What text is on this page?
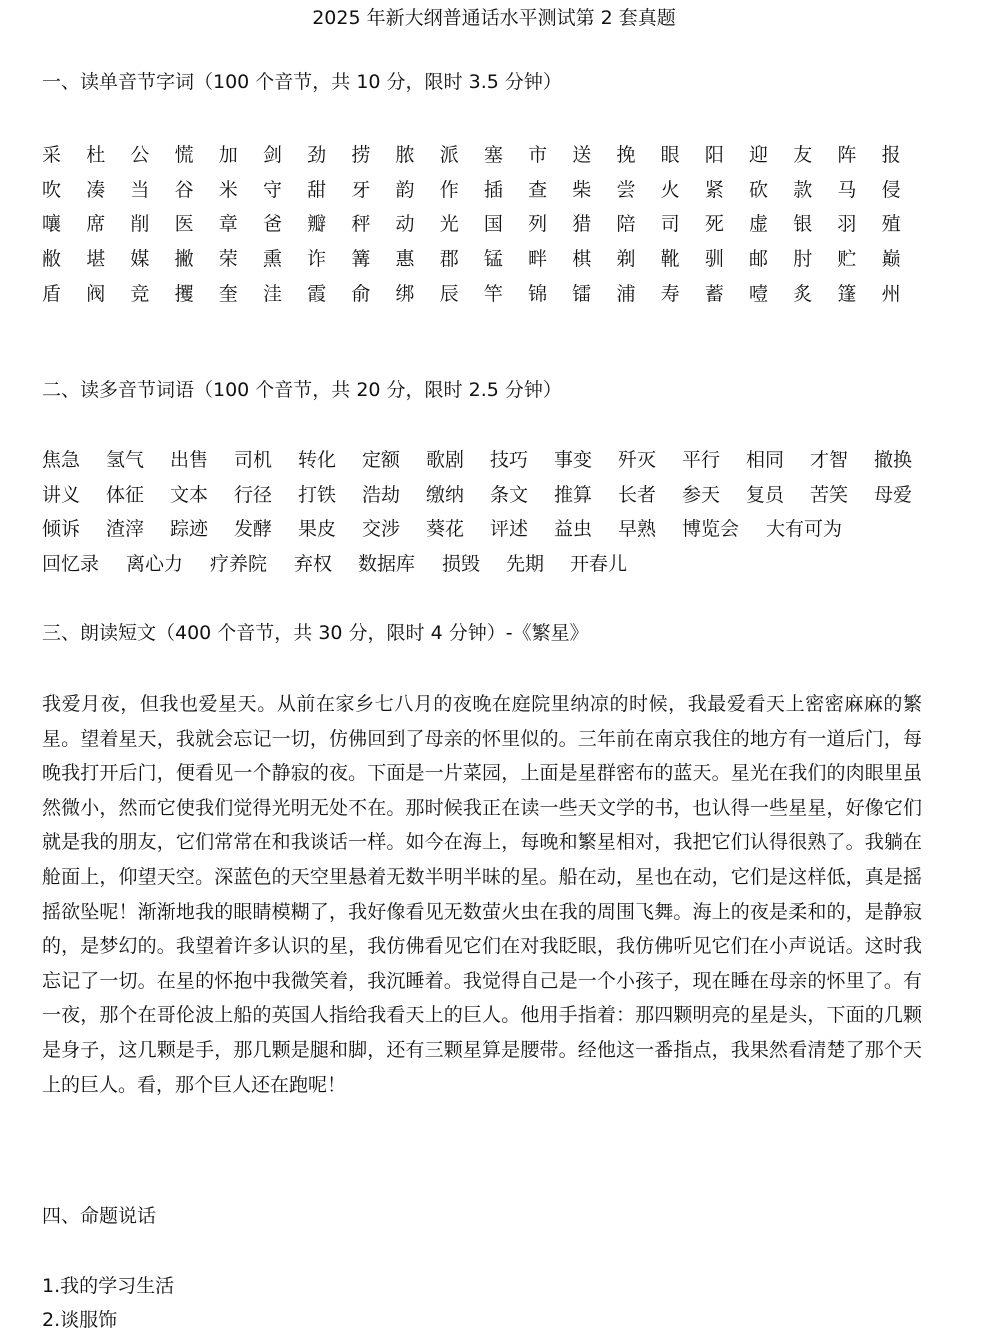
2025 年新大纲普通话水平测试第 2 套真题
一、读单音节字词（100 个音节，共 10 分，限时 3.5 分钟）
采	杜	公	慌	加	剑	劲	捞	脓	派	塞	市	送	挽	眼	阳	迎	友	阵	报
吹	凑	当	谷	米	守	甜	牙	韵	作	插	查	柴	尝	火	紧	砍	款	马	侵
嚷	席	削	医	章	爸	瓣	秤	动	光	国	列	猎	陪	司	死	虚	银	羽	殖
敝	堪	媒	撇	荣	熏	诈	篝	惠	郡	锰	畔	棋	剃	靴	驯	邮	肘	贮	巅
盾	阀	竞	攫	奎	洼	霞	俞	绑	辰	竿	锦	镭	浦	寿	蓄	噎	炙	篷	州
二、读多音节词语（100 个音节，共 20 分，限时 2.5 分钟）
焦急 氢气 出售 司机 转化 定额 歌剧 技巧 事变 歼灭 平行 相同 才智 撤换
讲义 体征 文本 行径 打铁 浩劫 缴纳 条文 推算 长者 参天 复员 苦笑 母爱
倾诉 渣滓 踪迹 发酵 果皮 交涉 葵花 评述 益虫 早熟 博览会 大有可为
回忆录 离心力 疗养院 弃权 数据库 损毁 先期 开春儿
三、朗读短文（400 个音节，共 30 分，限时 4 分钟）-《繁星》

我爱月夜，但我也爱星天。从前在家乡七八月的夜晚在庭院里纳凉的时候，我最爱看天上密密麻麻的繁星。望着星天，我就会忘记一切，仿佛回到了母亲的怀里似的。三年前在南京我住的地方有一道后门，每晚我打开后门，便看见一个静寂的夜。下面是一片菜园，上面是星群密布的蓝天。星光在我们的肉眼里虽然微小，然而它使我们觉得光明无处不在。那时候我正在读一些天文学的书，也认得一些星星，好像它们就是我的朋友，它们常常在和我谈话一样。如今在海上，每晚和繁星相对，我把它们认得很熟了。我躺在舱面上，仰望天空。深蓝色的天空里悬着无数半明半昧的星。船在动，星也在动，它们是这样低，真是摇摇欲坠呢！渐渐地我的眼睛模糊了，我好像看见无数萤火虫在我的周围飞舞。海上的夜是柔和的，是静寂的，是梦幻的。我望着许多认识的星，我仿佛看见它们在对我眨眼，我仿佛听见它们在小声说话。这时我忘记了一切。在星的怀抱中我微笑着，我沉睡着。我觉得自己是一个小孩子，现在睡在母亲的怀里了。有一夜，那个在哥伦波上船的英国人指给我看天上的巨人。他用手指着：那四颗明亮的星是头，下面的几颗是身子，这几颗是手，那几颗是腿和脚，还有三颗星算是腰带。经他这一番指点，我果然看清楚了那个天上的巨人。看，那个巨人还在跑呢！

四、命题说话
1.我的学习生活
2.谈服饰
